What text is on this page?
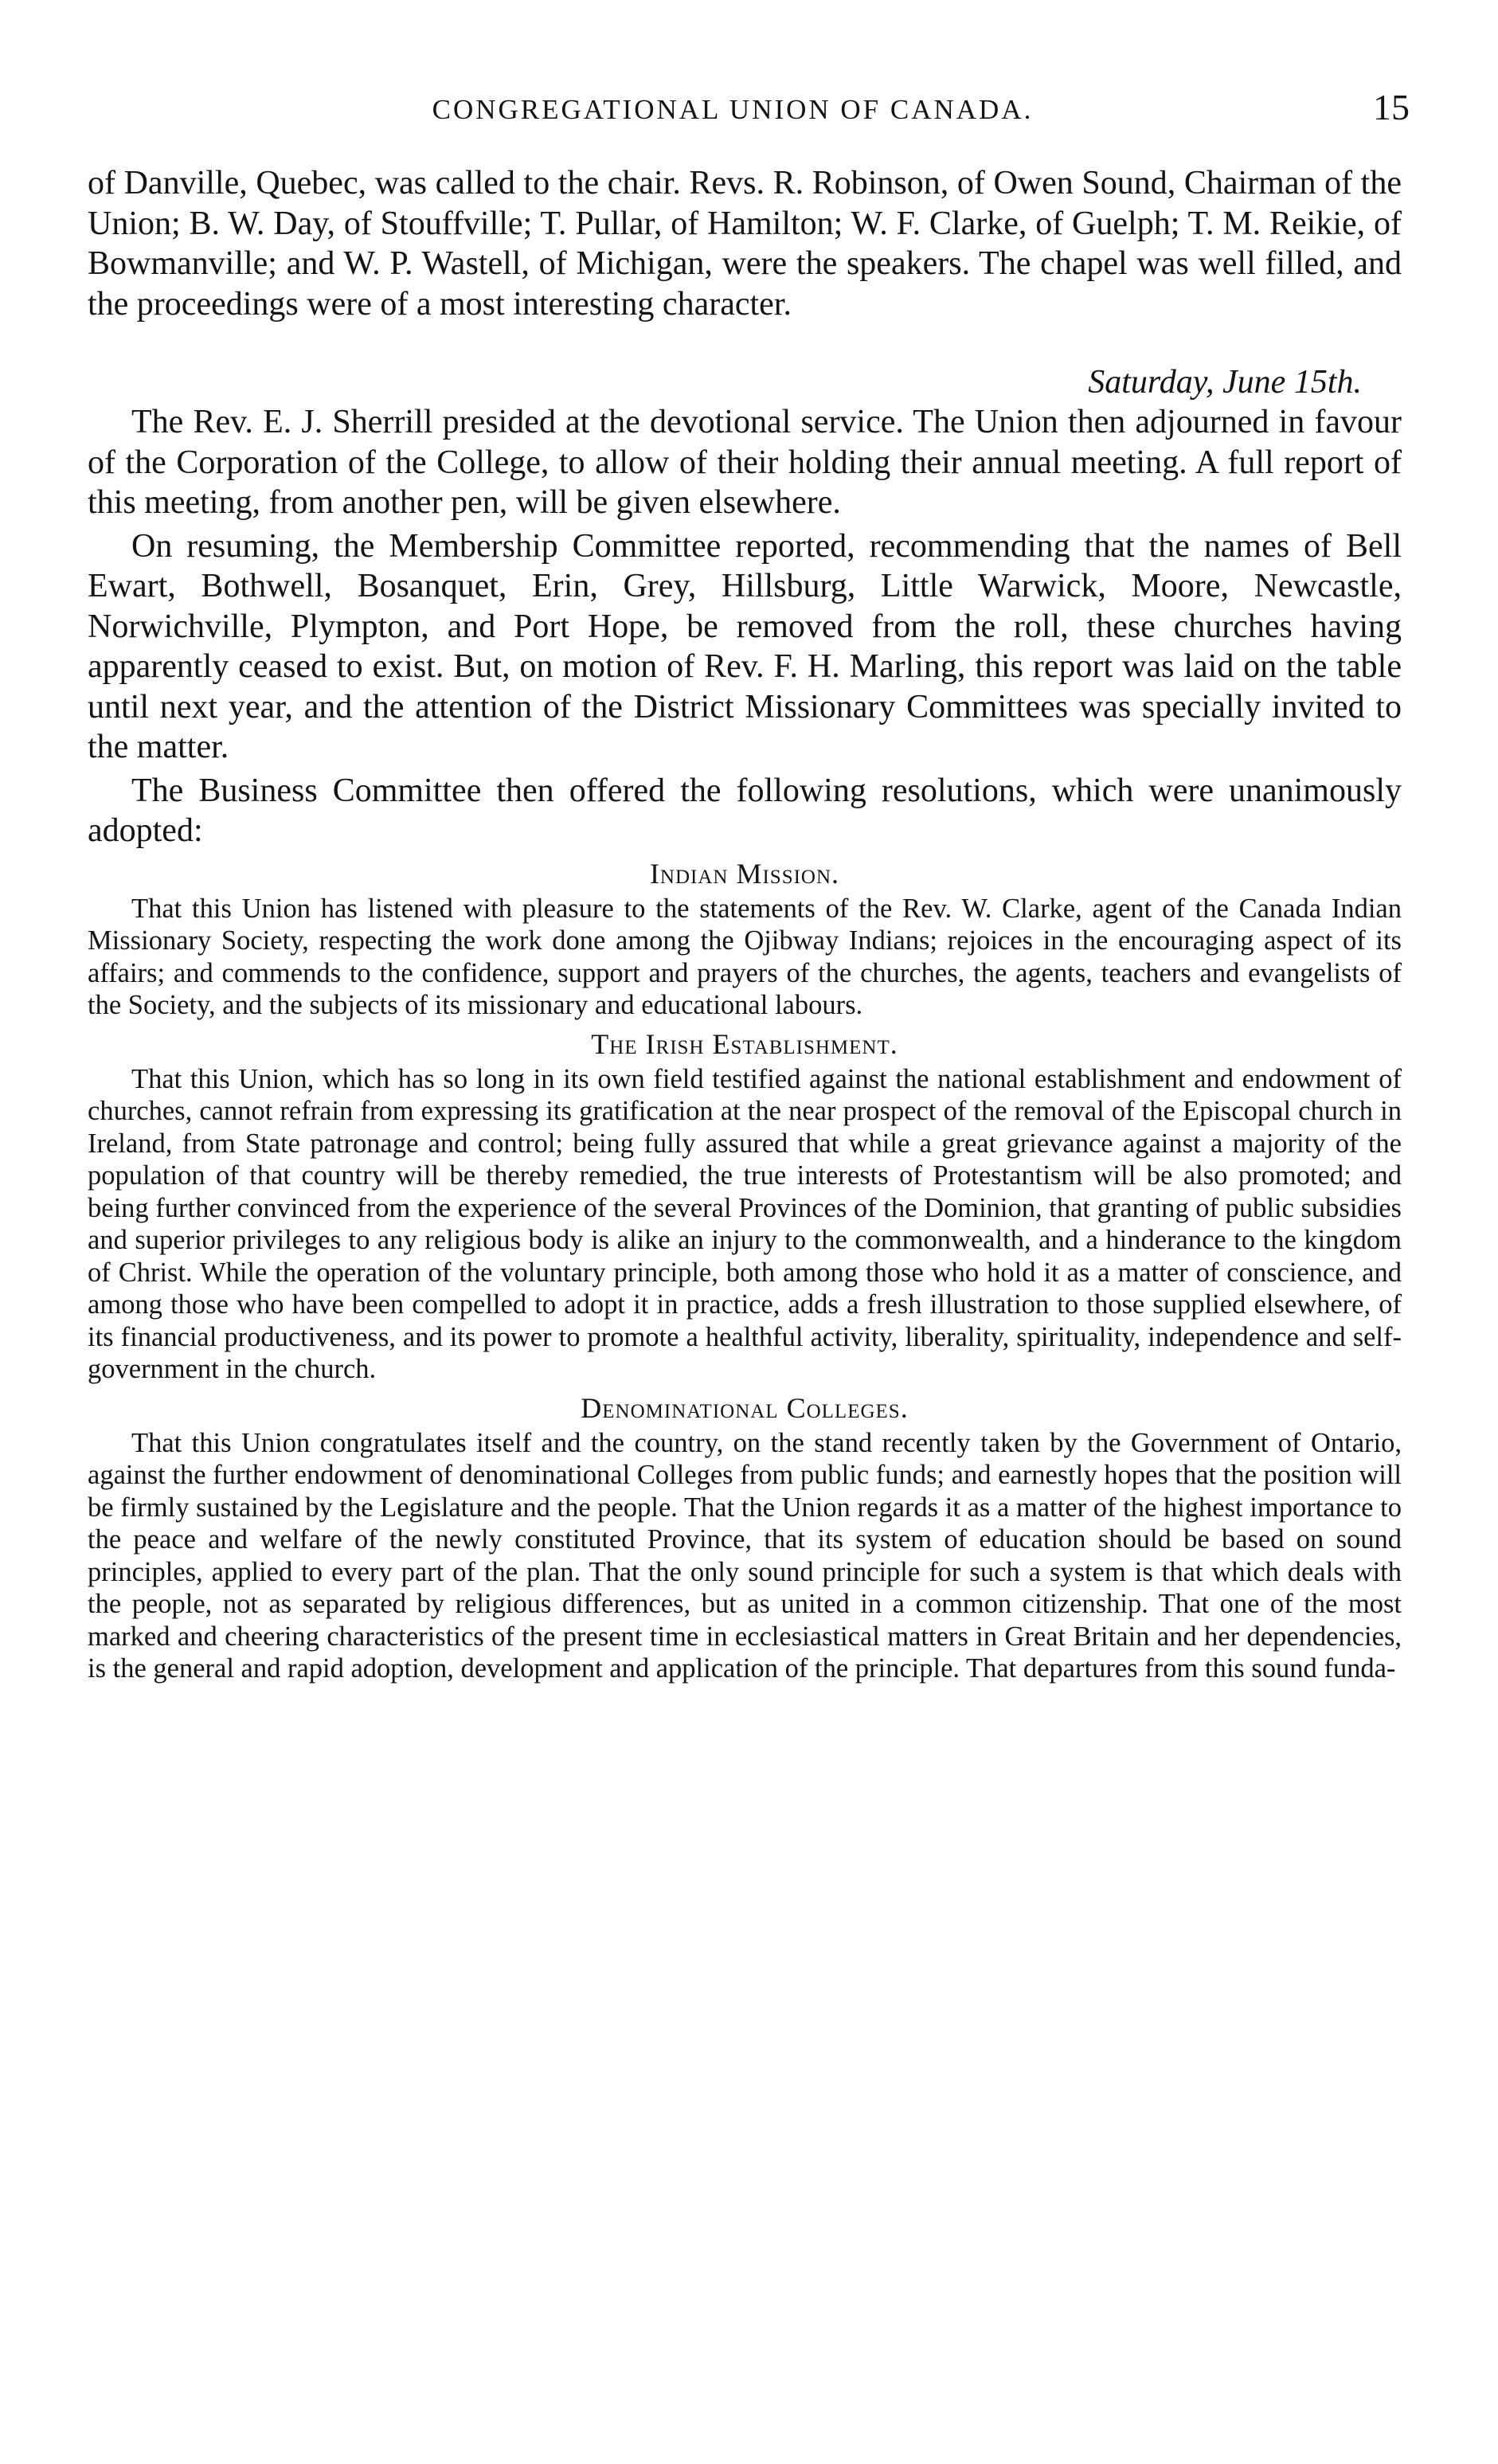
CONGREGATIONAL UNION OF CANADA.	15

of Danville, Quebec, was called to the chair. Revs. R. Robinson, of Owen Sound, Chairman of the Union; B. W. Day, of Stouffville; T. Pullar, of Hamilton; W. F. Clarke, of Guelph; T. M. Reikie, of Bowmanville; and W. P. Wastell, of Michigan, were the speakers. The chapel was well filled, and the proceedings were of a most interesting character.

Saturday, June 15th.

The Rev. E. J. Sherrill presided at the devotional service. The Union then adjourned in favour of the Corporation of the College, to allow of their holding their annual meeting. A full report of this meeting, from another pen, will be given elsewhere.

On resuming, the Membership Committee reported, recommending that the names of Bell Ewart, Bothwell, Bosanquet, Erin, Grey, Hillsburg, Little Warwick, Moore, Newcastle, Norwichville, Plympton, and Port Hope, be removed from the roll, these churches having apparently ceased to exist. But, on motion of Rev. F. H. Marling, this report was laid on the table until next year, and the attention of the District Missionary Committees was specially invited to the matter.

The Business Committee then offered the following resolutions, which were unanimously adopted:

Indian Mission.

That this Union has listened with pleasure to the statements of the Rev. W. Clarke, agent of the Canada Indian Missionary Society, respecting the work done among the Ojibway Indians; rejoices in the encouraging aspect of its affairs; and commends to the confidence, support and prayers of the churches, the agents, teachers and evangelists of the Society, and the subjects of its missionary and educational labours.

The Irish Establishment.

That this Union, which has so long in its own field testified against the national establishment and endowment of churches, cannot refrain from expressing its gratification at the near prospect of the removal of the Episcopal church in Ireland, from State patronage and control; being fully assured that while a great grievance against a majority of the population of that country will be thereby remedied, the true interests of Protestantism will be also promoted; and being further convinced from the experience of the several Provinces of the Dominion, that granting of public subsidies and superior privileges to any religious body is alike an injury to the commonwealth, and a hinderance to the kingdom of Christ. While the operation of the voluntary principle, both among those who hold it as a matter of conscience, and among those who have been compelled to adopt it in practice, adds a fresh illustration to those supplied elsewhere, of its financial productiveness, and its power to promote a healthful activity, liberality, spirituality, independence and self-government in the church.

Denominational Colleges.

That this Union congratulates itself and the country, on the stand recently taken by the Government of Ontario, against the further endowment of denominational Colleges from public funds; and earnestly hopes that the position will be firmly sustained by the Legislature and the people. That the Union regards it as a matter of the highest importance to the peace and welfare of the newly constituted Province, that its system of education should be based on sound principles, applied to every part of the plan. That the only sound principle for such a system is that which deals with the people, not as separated by religious differences, but as united in a common citizenship. That one of the most marked and cheering characteristics of the present time in ecclesiastical matters in Great Britain and her dependencies, is the general and rapid adoption, development and application of the principle. That departures from this sound funda-
